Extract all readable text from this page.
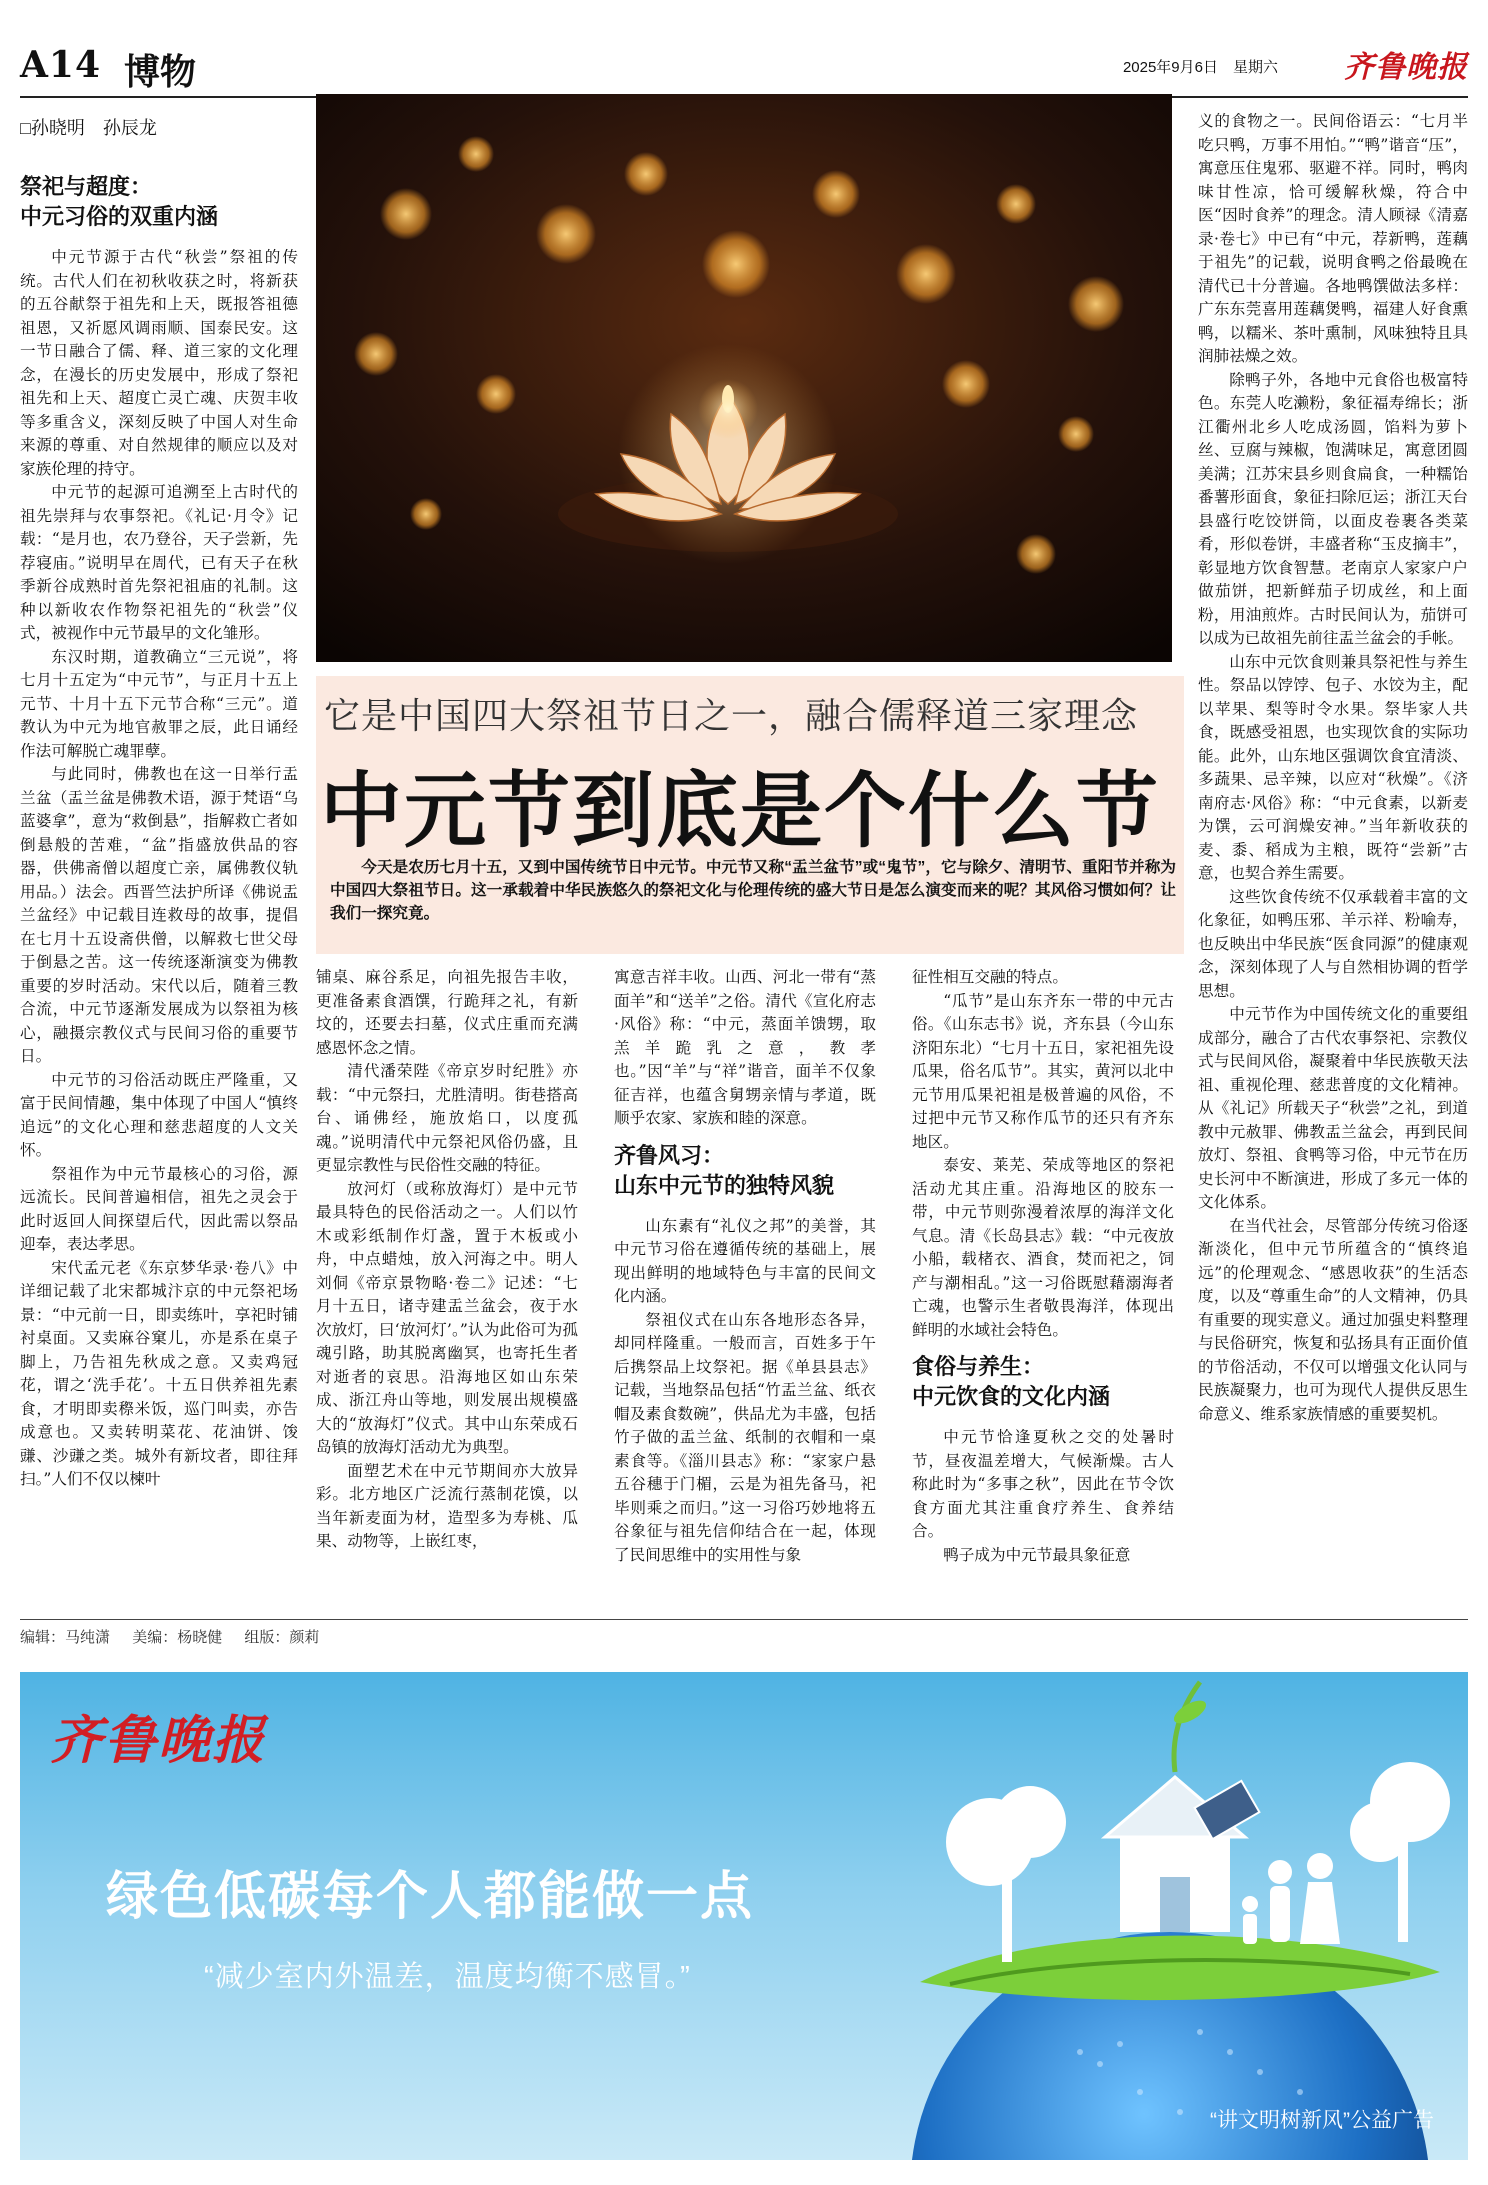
A14 博物	2025年9月6日 星期六 齐鲁晚报
□孙晓明　孙辰龙
祭祀与超度：
中元习俗的双重内涵

中元节源于古代“秋尝”祭祖的传统。古代人们在初秋收获之时，将新获的五谷献祭于祖先和上天，既报答祖德祖恩，又祈愿风调雨顺、国泰民安。这一节日融合了儒、释、道三家的文化理念，在漫长的历史发展中，形成了祭祀祖先和上天、超度亡灵亡魂、庆贺丰收等多重含义，深刻反映了中国人对生命来源的尊重、对自然规律的顺应以及对家族伦理的持守。

中元节的起源可追溯至上古时代的祖先崇拜与农事祭祀。《礼记·月令》记载：“是月也，农乃登谷，天子尝新，先荐寝庙。”说明早在周代，已有天子在秋季新谷成熟时首先祭祀祖庙的礼制。这种以新收农作物祭祀祖先的“秋尝”仪式，被视作中元节最早的文化雏形。

东汉时期，道教确立“三元说”，将七月十五定为“中元节”，与正月十五上元节、十月十五下元节合称“三元”。道教认为中元为地官赦罪之辰，此日诵经作法可解脱亡魂罪孽。

与此同时，佛教也在这一日举行盂兰盆（盂兰盆是佛教术语，源于梵语“乌蓝婆拿”，意为“救倒悬”，指解救亡者如倒悬般的苦难，“盆”指盛放供品的容器，供佛斋僧以超度亡亲，属佛教仪轨用品。）法会。西晋竺法护所译《佛说盂兰盆经》中记载目连救母的故事，提倡在七月十五设斋供僧，以解救七世父母于倒悬之苦。这一传统逐渐演变为佛教重要的岁时活动。宋代以后，随着三教合流，中元节逐渐发展成为以祭祖为核心，融摄宗教仪式与民间习俗的重要节日。

中元节的习俗活动既庄严隆重，又富于民间情趣，集中体现了中国人“慎终追远”的文化心理和慈悲超度的人文关怀。

祭祖作为中元节最核心的习俗，源远流长。民间普遍相信，祖先之灵会于此时返回人间探望后代，因此需以祭品迎奉，表达孝思。

宋代孟元老《东京梦华录·卷八》中详细记载了北宋都城汴京的中元祭祀场景：“中元前一日，即卖练叶，享祀时铺衬桌面。又卖麻谷窠儿，亦是系在桌子脚上，乃告祖先秋成之意。又卖鸡冠花，谓之‘洗手花’。十五日供养祖先素食，才明即卖穄米饭，巡门叫卖，亦告成意也。又卖转明菜花、花油饼、馂豏、沙豏之类。城外有新坟者，即往拜扫。”人们不仅以楝叶

它是中国四大祭祖节日之一，融合儒释道三家理念
中元节到底是个什么节
今天是农历七月十五，又到中国传统节日中元节。中元节又称“盂兰盆节”或“鬼节”，它与除夕、清明节、重阳节并称为中国四大祭祖节日。这一承载着中华民族悠久的祭祀文化与伦理传统的盛大节日是怎么演变而来的呢？其风俗习惯如何？让我们一探究竟。

铺桌、麻谷系足，向祖先报告丰收，更准备素食酒馔，行跪拜之礼，有新坟的，还要去扫墓，仪式庄重而充满感恩怀念之情。

清代潘荣陛《帝京岁时纪胜》亦载：“中元祭扫，尤胜清明。街巷搭高台、诵佛经，施放焰口，以度孤魂。”说明清代中元祭祀风俗仍盛，且更显宗教性与民俗性交融的特征。

放河灯（或称放海灯）是中元节最具特色的民俗活动之一。人们以竹木或彩纸制作灯盏，置于木板或小舟，中点蜡烛，放入河海之中。明人刘侗《帝京景物略·卷二》记述：“七月十五日，诸寺建盂兰盆会，夜于水次放灯，曰‘放河灯’。”认为此俗可为孤魂引路，助其脱离幽冥，也寄托生者对逝者的哀思。沿海地区如山东荣成、浙江舟山等地，则发展出规模盛大的“放海灯”仪式。其中山东荣成石岛镇的放海灯活动尤为典型。

面塑艺术在中元节期间亦大放异彩。北方地区广泛流行蒸制花馍，以当年新麦面为材，造型多为寿桃、瓜果、动物等，上嵌红枣，

寓意吉祥丰收。山西、河北一带有“蒸面羊”和“送羊”之俗。清代《宣化府志·风俗》称：“中元，蒸面羊馈甥，取羔羊跪乳之意，教孝也。”因“羊”与“祥”谐音，面羊不仅象征吉祥，也蕴含舅甥亲情与孝道，既顺乎农家、家族和睦的深意。

齐鲁风习：
山东中元节的独特风貌

山东素有“礼仪之邦”的美誉，其中元节习俗在遵循传统的基础上，展现出鲜明的地域特色与丰富的民间文化内涵。

祭祖仪式在山东各地形态各异，却同样隆重。一般而言，百姓多于午后携祭品上坟祭祀。据《单县县志》记载，当地祭品包括“竹盂兰盆、纸衣帽及素食数碗”，供品尤为丰盛，包括竹子做的盂兰盆、纸制的衣帽和一桌素食等。《淄川县志》称：“家家户悬五谷穗于门楣，云是为祖先备马，祀毕则乘之而归。”这一习俗巧妙地将五谷象征与祖先信仰结合在一起，体现了民间思维中的实用性与象

征性相互交融的特点。

“瓜节”是山东齐东一带的中元古俗。《山东志书》说，齐东县（今山东济阳东北）“七月十五日，家祀祖先设瓜果，俗名瓜节”。其实，黄河以北中元节用瓜果祀祖是极普遍的风俗，不过把中元节又称作瓜节的还只有齐东地区。

泰安、莱芜、荣成等地区的祭祀活动尤其庄重。沿海地区的胶东一带，中元节则弥漫着浓厚的海洋文化气息。清《长岛县志》载：“中元夜放小船，载楮衣、酒食，焚而祀之，饲产与潮相乱。”这一习俗既慰藉溺海者亡魂，也警示生者敬畏海洋，体现出鲜明的水域社会特色。

食俗与养生：
中元饮食的文化内涵

中元节恰逢夏秋之交的处暑时节，昼夜温差增大，气候渐燥。古人称此时为“多事之秋”，因此在节令饮食方面尤其注重食疗养生、食养结合。

鸭子成为中元节最具象征意

义的食物之一。民间俗语云：“七月半吃只鸭，万事不用怕。”“鸭”谐音“压”，寓意压住鬼邪、驱避不祥。同时，鸭肉味甘性凉，恰可缓解秋燥，符合中医“因时食养”的理念。清人顾禄《清嘉录·卷七》中已有“中元，荐新鸭，莲藕于祖先”的记载，说明食鸭之俗最晚在清代已十分普遍。各地鸭馔做法多样：广东东莞喜用莲藕煲鸭，福建人好食熏鸭，以糯米、茶叶熏制，风味独特且具润肺祛燥之效。

除鸭子外，各地中元食俗也极富特色。东莞人吃濑粉，象征福寿绵长；浙江衢州北乡人吃成汤圆，馅料为萝卜丝、豆腐与辣椒，饱满味足，寓意团圆美满；江苏宋县乡则食扁食，一种糯饴番薯形面食，象征扫除厄运；浙江天台县盛行吃饺饼筒，以面皮卷裹各类菜肴，形似卷饼，丰盛者称“玉皮摘丰”，彰显地方饮食智慧。老南京人家家户户做茄饼，把新鲜茄子切成丝，和上面粉，用油煎炸。古时民间认为，茄饼可以成为已故祖先前往盂兰盆会的手帐。

山东中元饮食则兼具祭祀性与养生性。祭品以饽饽、包子、水饺为主，配以苹果、梨等时令水果。祭毕家人共食，既感受祖恩，也实现饮食的实际功能。此外，山东地区强调饮食宜清淡、多蔬果、忌辛辣，以应对“秋燥”。《济南府志·风俗》称：“中元食素，以新麦为馔，云可润燥安神。”当年新收获的麦、黍、稻成为主粮，既符“尝新”古意，也契合养生需要。

这些饮食传统不仅承载着丰富的文化象征，如鸭压邪、羊示祥、粉喻寿，也反映出中华民族“医食同源”的健康观念，深刻体现了人与自然相协调的哲学思想。

中元节作为中国传统文化的重要组成部分，融合了古代农事祭祀、宗教仪式与民间风俗，凝聚着中华民族敬天法祖、重视伦理、慈悲普度的文化精神。从《礼记》所载天子“秋尝”之礼，到道教中元赦罪、佛教盂兰盆会，再到民间放灯、祭祖、食鸭等习俗，中元节在历史长河中不断演进，形成了多元一体的文化体系。

在当代社会，尽管部分传统习俗逐渐淡化，但中元节所蕴含的“慎终追远”的伦理观念、“感恩收获”的生活态度，以及“尊重生命”的人文精神，仍具有重要的现实意义。通过加强史料整理与民俗研究，恢复和弘扬具有正面价值的节俗活动，不仅可以增强文化认同与民族凝聚力，也可为现代人提供反思生命意义、维系家族情感的重要契机。

编辑：马纯潇 美编：杨晓健 组版：颜莉
齐鲁晚报
绿色低碳每个人都能做一点
“减少室内外温差，温度均衡不感冒。”
“讲文明树新风”公益广告
